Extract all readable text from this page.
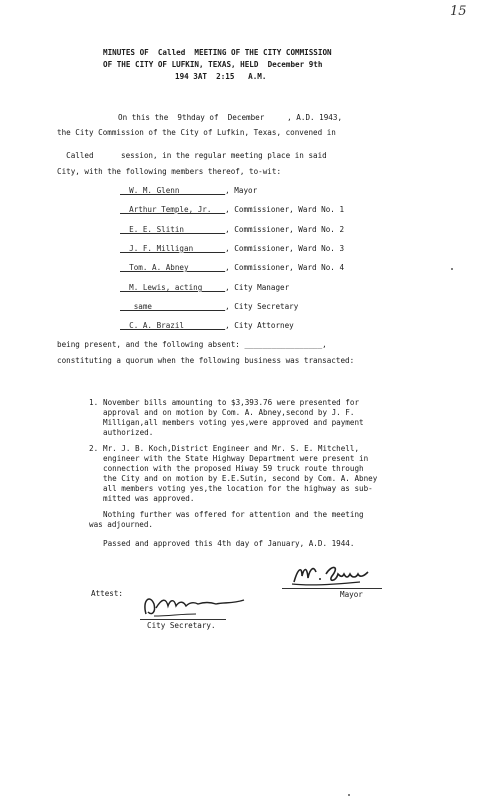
15
MINUTES OF  Called  MEETING OF THE CITY COMMISSION
OF THE CITY OF LUFKIN, TEXAS, HELD  December 9th
194 3AT  2:15   A.M.
On this the  9thday of  December     , A.D. 1943,
the City Commission of the City of Lufkin, Texas, convened in
Called      session, in the regular meeting place in said
City, with the following members thereof, to-wit:
W. M. Glenn          , Mayor
Arthur Temple, Jr.   , Commissioner, Ward No. 1
E. E. Slitin         , Commissioner, Ward No. 2
J. F. Milligan       , Commissioner, Ward No. 3
Tom. A. Abney        , Commissioner, Ward No. 4
M. Lewis, acting     , City Manager
same                , City Secretary
C. A. Brazil         , City Attorney
being present, and the following absent: _________________,
constituting a quorum when the following business was transacted:
1. November bills amounting to $3,393.76 were presented for
approval and on motion by Com. A. Abney,second by J. F.
Milligan,all members voting yes,were approved and payment
authorized.
2. Mr. J. B. Koch,District Engineer and Mr. S. E. Mitchell,
engineer with the State Highway Department were present in
connection with the proposed Hiway 59 truck route through
the City and on motion by E.E.Sutin, second by Com. A. Abney
all members voting yes,the location for the highway as sub-
mitted was approved.
Nothing further was offered for attention and the meeting
was adjourned.
Passed and approved this 4th day of January, A.D. 1944.
Mayor
Attest:
City Secretary.
